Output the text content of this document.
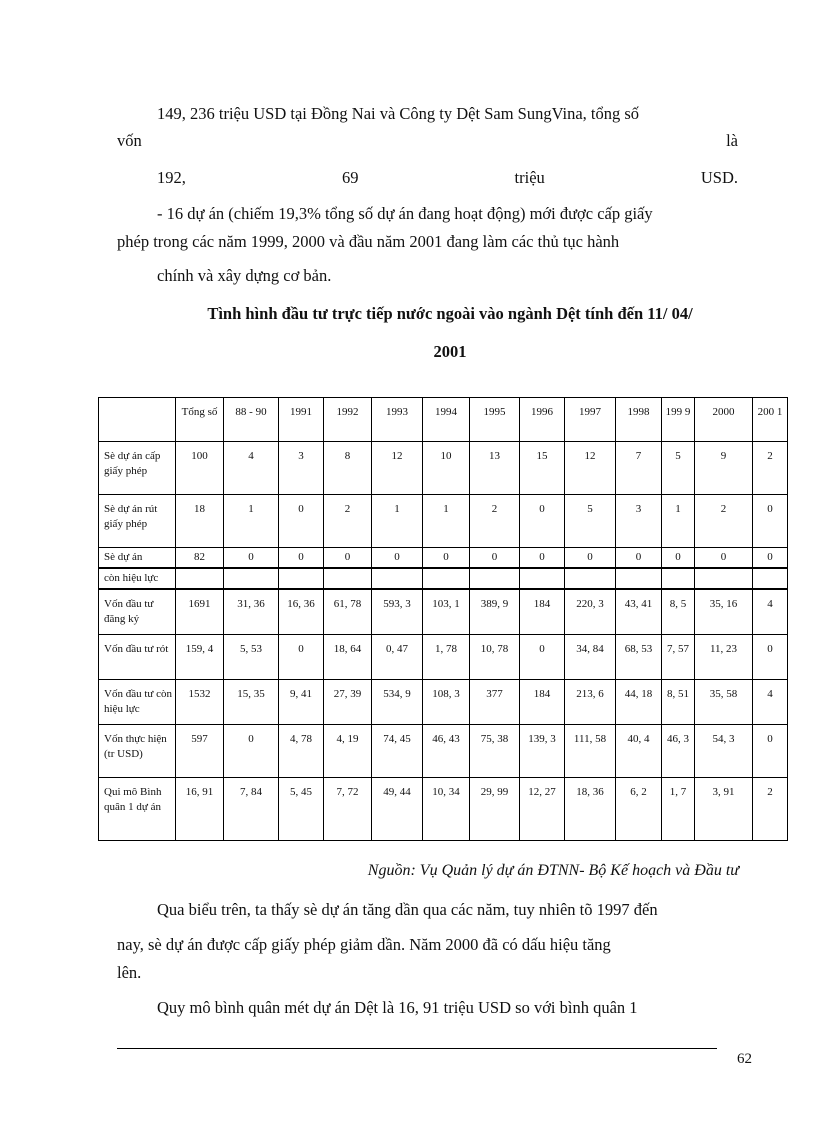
149, 236 triệu USD tại Đồng Nai và Công ty Dệt Sam SungVina, tổng số
vốn	là
192,	69	triệu	USD.
- 16 dự án (chiếm 19,3% tổng số dự án đang hoạt động) mới được cấp giấy
phép trong các năm 1999, 2000 và đầu năm 2001 đang làm các thủ tục hành
chính và xây dựng cơ bản.
Tình hình đầu tư trực tiếp nước ngoài vào ngành Dệt tính đến 11/ 04/
2001
	Tổng số	88 - 90	1991	1992	1993	1994	1995	1996	1997	1998	199 9	2000	200 1
Sè dự án cấp giấy phép	100	4	3	8	12	10	13	15	12	7	5	9	2
Sè dự án rút giấy phép	18	1	0	2	1	1	2	0	5	3	1	2	0
Sè dự án	82	0	0	0	0	0	0	0	0	0	0	0	0
còn hiệu lực													
Vốn đầu tư đăng ký	1691	31, 36	16, 36	61, 78	593, 3	103, 1	389, 9	184	220, 3	43, 41	8, 5	35, 16	4
Vốn đầu tư rót	159, 4	5, 53	0	18, 64	0, 47	1, 78	10, 78	0	34, 84	68, 53	7, 57	11, 23	0
Vốn đầu tư còn hiệu lực	1532	15, 35	9, 41	27, 39	534, 9	108, 3	377	184	213, 6	44, 18	8, 51	35, 58	4
Vốn thực hiện (tr USD)	597	0	4, 78	4, 19	74, 45	46, 43	75, 38	139, 3	111, 58	40, 4	46, 3	54, 3	0
Qui mô Bình quân 1 dự án	16, 91	7, 84	5, 45	7, 72	49, 44	10, 34	29, 99	12, 27	18, 36	6, 2	1, 7	3, 91	2
Nguồn: Vụ Quản lý dự án ĐTNN- Bộ Kế hoạch và Đầu tư
Qua biểu trên, ta thấy sè dự án tăng dần qua các năm, tuy nhiên tõ 1997 đến
nay, sè dự án được cấp giấy phép giảm dần. Năm 2000 đã có dấu hiệu tăng
lên.
Quy mô bình quân mét dự án Dệt là 16, 91 triệu USD so với bình quân 1
62
